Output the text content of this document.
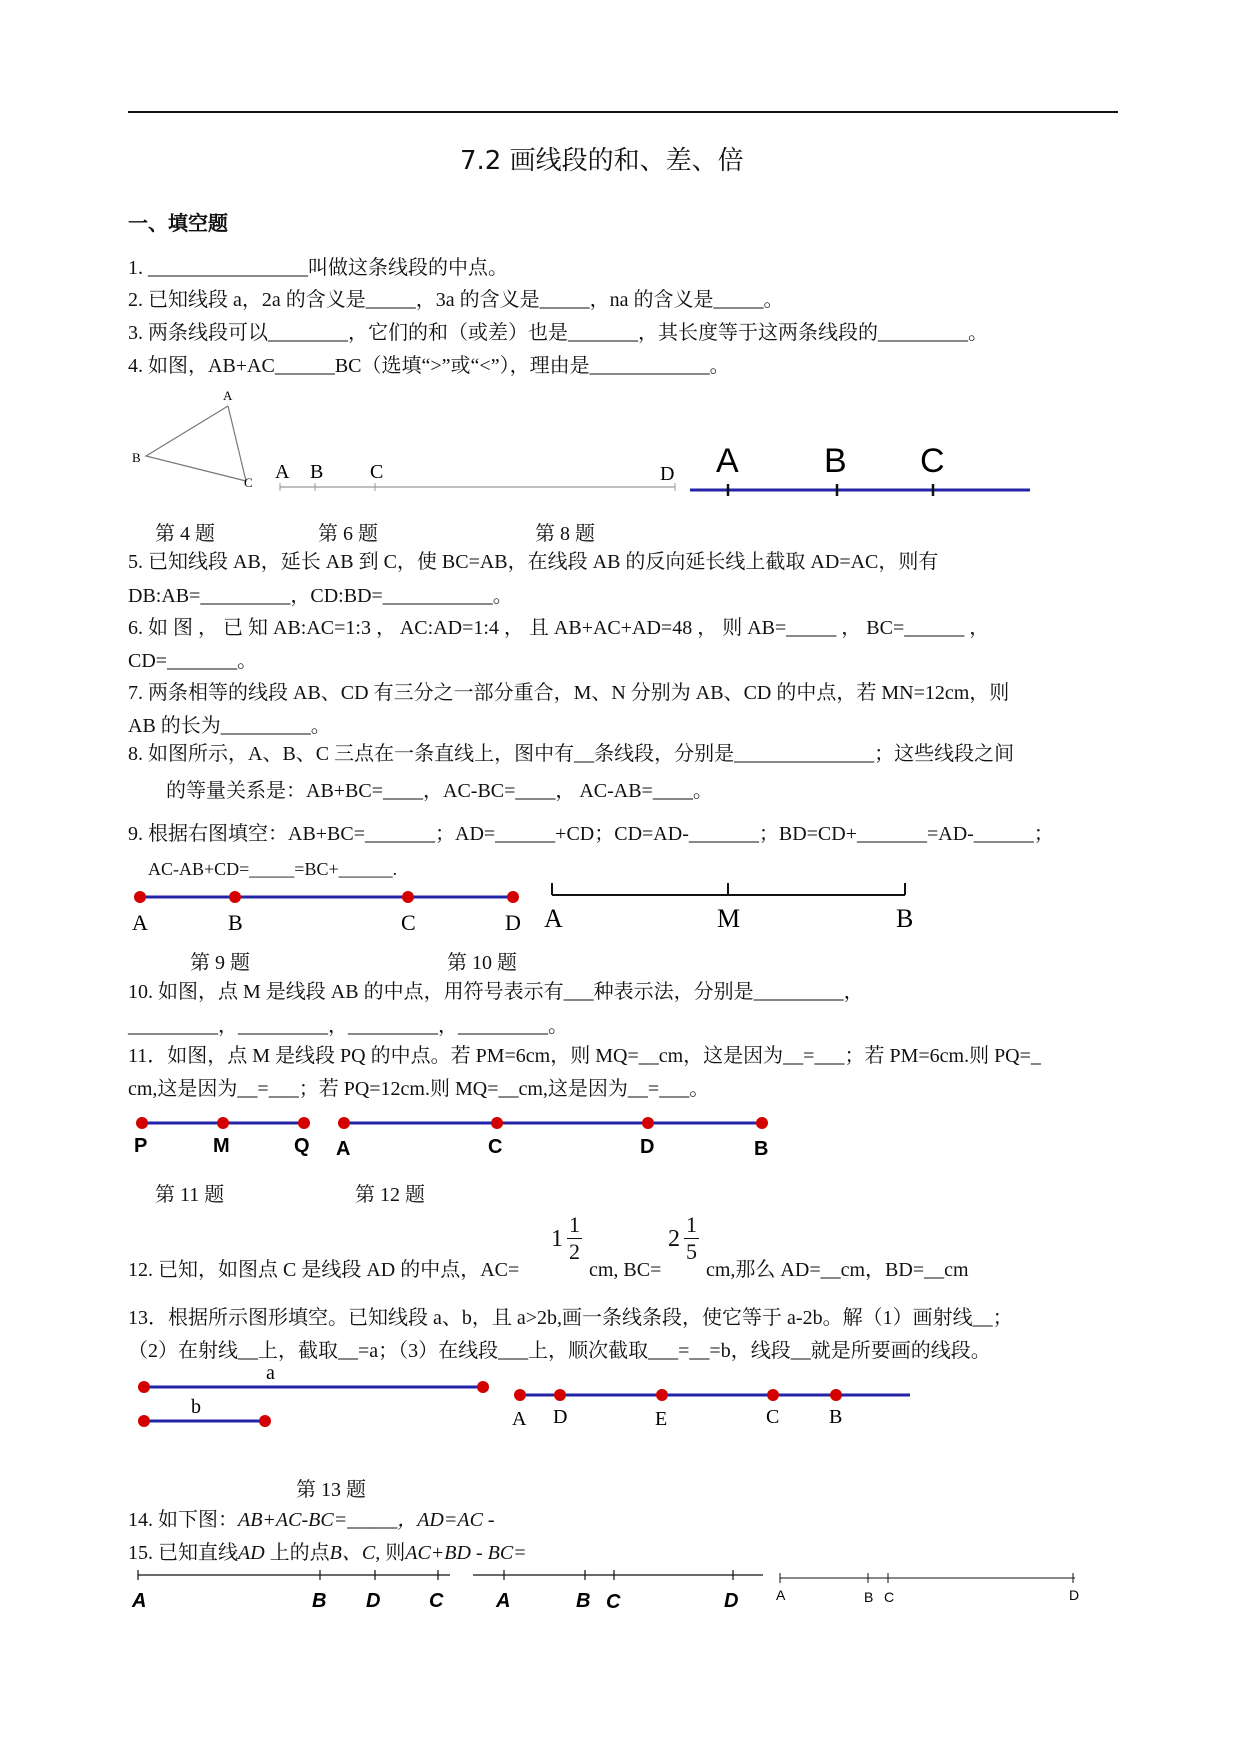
7.2 画线段的和、差、倍
一、填空题
1. ________________叫做这条线段的中点。
2. 已知线段 a，2a 的含义是_____，3a 的含义是_____，na 的含义是_____。
3. 两条线段可以________，它们的和（或差）也是_______，其长度等于这两条线段的_________。
4. 如图，AB+AC______BC（选填“>”或“<”），理由是____________。
A
B
C A B C	D A	B C
第 4 题	第 6 题	第 8 题
5. 已知线段 AB，延长 AB 到 C，使 BC=AB，在线段 AB 的反向延长线上截取 AD=AC，则有
DB:AB=_________，CD:BD=___________。
6. 如 图 ， 已 知 AB:AC=1:3 ， AC:AD=1:4 ， 且 AB+AC+AD=48 ， 则 AB=_____ ， BC=______ ，
CD=_______。
7. 两条相等的线段 AB、CD 有三分之一部分重合，M、N 分别为 AB、CD 的中点，若 MN=12cm，则
AB 的长为_________。
8. 如图所示，A、B、C 三点在一条直线上，图中有__条线段，分别是______________；这些线段之间
的等量关系是：AB+BC=____，AC-BC=____， AC-AB=____。
9. 根据右图填空：AB+BC=_______；AD=______+CD；CD=AD-_______；BD=CD+_______=AD-______；
AC-AB+CD=_____=BC+______.
A	B	C	D A	M	B
第 9 题	第 10 题
10. 如图，点 M 是线段 AB 的中点，用符号表示有___种表示法，分别是_________，
_________，_________，_________，_________。
11．如图，点 M 是线段 PQ 的中点。若 PM=6cm，则 MQ=__cm，这是因为__=___；若 PM=6cm.则 PQ=_
cm,这是因为__=___；若 PQ=12cm.则 MQ=__cm,这是因为__=___。
P	M	Q A	C	D	B
第 11 题	第 12 题
12. 已知，如图点 C 是线段 AD 的中点，AC=
$1 \frac{1}{2}$
cm, BC=
$2 \frac{1}{5}$
cm,那么 AD=__cm，BD=__cm
13．根据所示图形填空。已知线段 a、b，且 a>2b,画一条线条段，使它等于 a-2b。解（1）画射线__；
（2）在射线__上，截取__=a；（3）在线段___上，顺次截取___=__=b，线段__就是所要画的线段。
a
b
A D	E	C B
第 13 题
14. 如下图：AB+AC-BC=_____，AD=AC -
15. 已知直线AD 上的点B、C, 则AC+BD - BC=
A	B D C	A	B C	D	A	B C	D
